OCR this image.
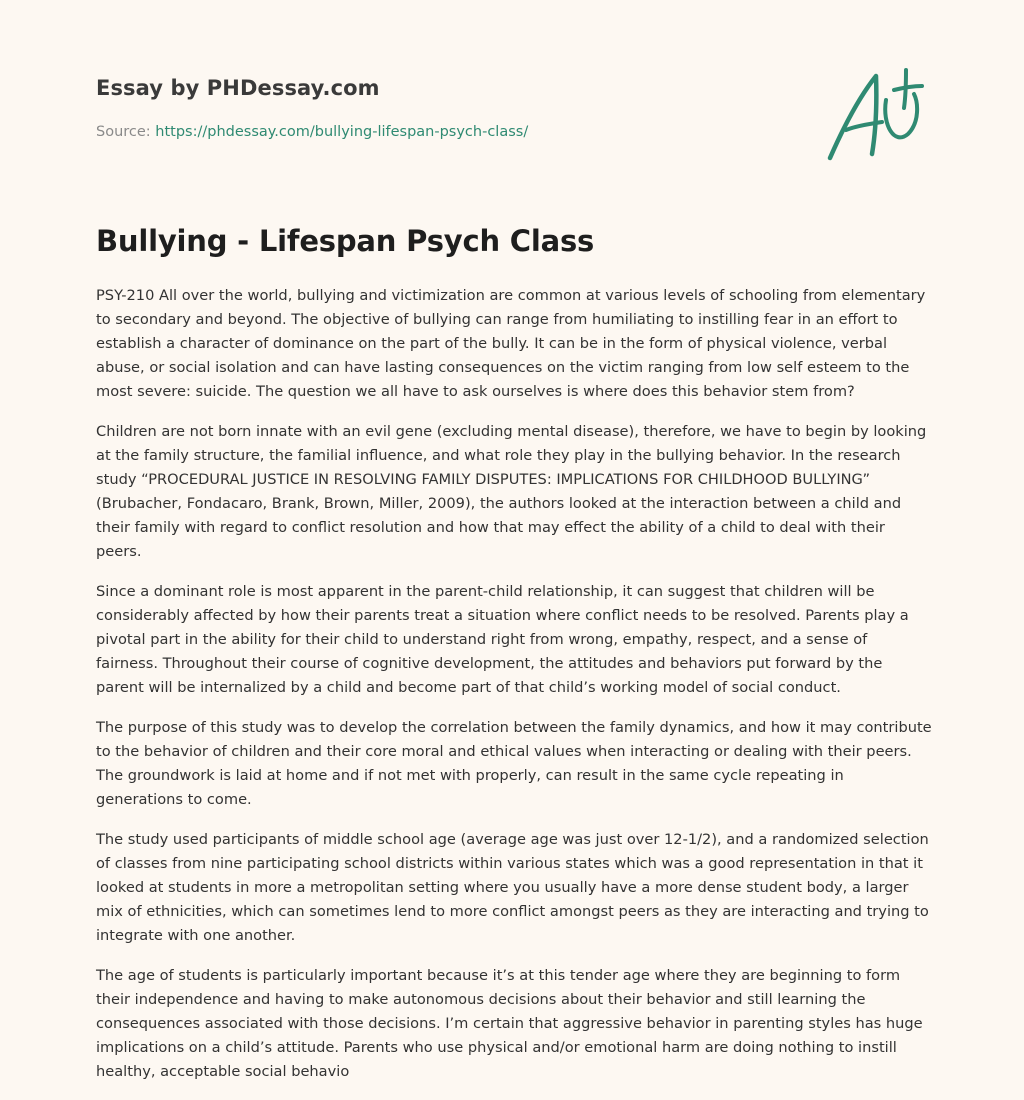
Essay by PHDessay.com

Source: https://phdessay.com/bullying-lifespan-psych-class/

Bullying - Lifespan Psych Class

PSY-210 All over the world, bullying and victimization are common at various levels of schooling from elementary to secondary and beyond. The objective of bullying can range from humiliating to instilling fear in an effort to establish a character of dominance on the part of the bully. It can be in the form of physical violence, verbal abuse, or social isolation and can have lasting consequences on the victim ranging from low self esteem to the most severe: suicide. The question we all have to ask ourselves is where does this behavior stem from?

Children are not born innate with an evil gene (excluding mental disease), therefore, we have to begin by looking at the family structure, the familial influence, and what role they play in the bullying behavior. In the research study “PROCEDURAL JUSTICE IN RESOLVING FAMILY DISPUTES: IMPLICATIONS FOR CHILDHOOD BULLYING” (Brubacher, Fondacaro, Brank, Brown, Miller, 2009), the authors looked at the interaction between a child and their family with regard to conflict resolution and how that may effect the ability of a child to deal with their peers.

Since a dominant role is most apparent in the parent-child relationship, it can suggest that children will be considerably affected by how their parents treat a situation where conflict needs to be resolved. Parents play a pivotal part in the ability for their child to understand right from wrong, empathy, respect, and a sense of fairness. Throughout their course of cognitive development, the attitudes and behaviors put forward by the parent will be internalized by a child and become part of that child’s working model of social conduct.

The purpose of this study was to develop the correlation between the family dynamics, and how it may contribute to the behavior of children and their core moral and ethical values when interacting or dealing with their peers. The groundwork is laid at home and if not met with properly, can result in the same cycle repeating in generations to come.

The study used participants of middle school age (average age was just over 12-1/2), and a randomized selection of classes from nine participating school districts within various states which was a good representation in that it looked at students in more a metropolitan setting where you usually have a more dense student body, a larger mix of ethnicities, which can sometimes lend to more conflict amongst peers as they are interacting and trying to integrate with one another.

The age of students is particularly important because it’s at this tender age where they are beginning to form their independence and having to make autonomous decisions about their behavior and still learning the consequences associated with those decisions. I’m certain that aggressive behavior in parenting styles has huge implications on a child’s attitude. Parents who use physical and/or emotional harm are doing nothing to instill healthy, acceptable social behavio
